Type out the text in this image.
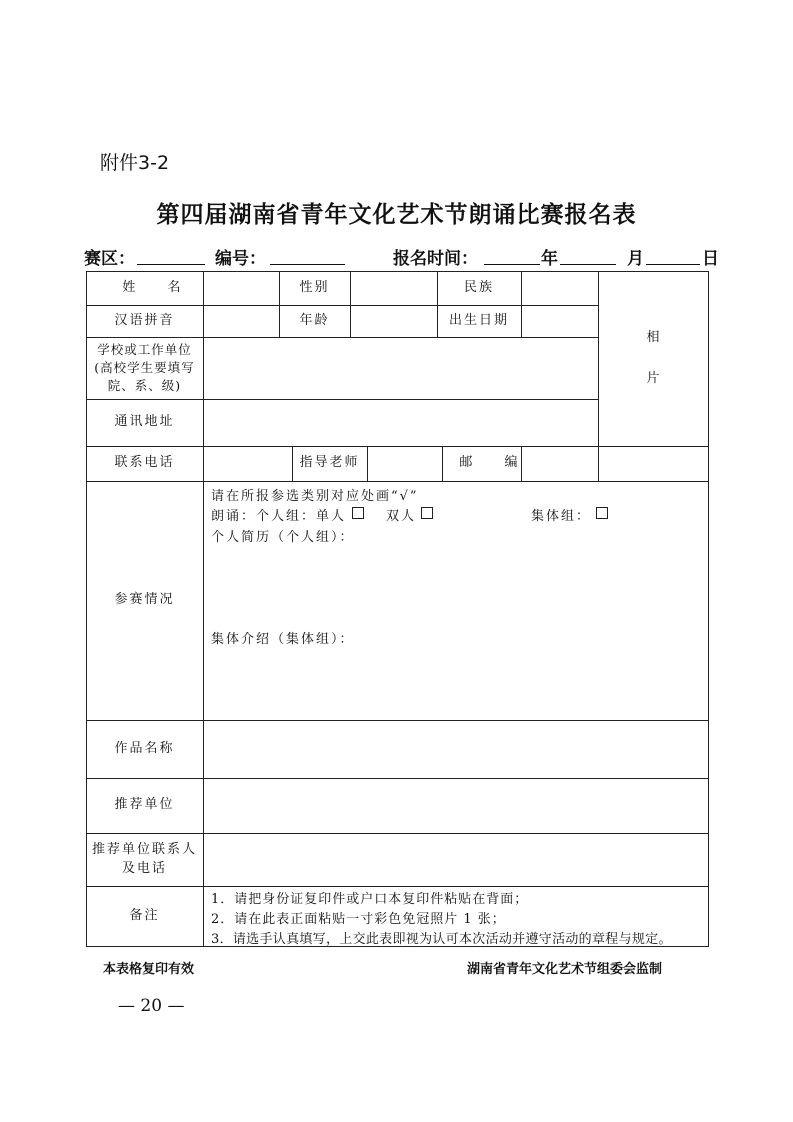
附件3-2
第四届湖南省青年文化艺术节朗诵比赛报名表
赛区：	编号：	报名时间：	年	月	日
姓 名	性别	民族
汉语拼音	年龄	出生日期
相
片
学校或工作单位
(高校学生要填写
院、系、级)
通讯地址
联系电话	指导老师	邮 编
参赛情况
请在所报参选类别对应处画“√”
朗诵：个人组： 单人	双人	集体组：
个人简历（个人组）：
集体介绍（集体组）：
作品名称
推荐单位
推荐单位联系人
及电话
备注
1．请把身份证复印件或户口本复印件粘贴在背面；
2．请在此表正面粘贴一寸彩色免冠照片 1 张；
3．请选手认真填写，上交此表即视为认可本次活动并遵守活动的章程与规定。
本表格复印有效	湖南省青年文化艺术节组委会监制
— 20 —
